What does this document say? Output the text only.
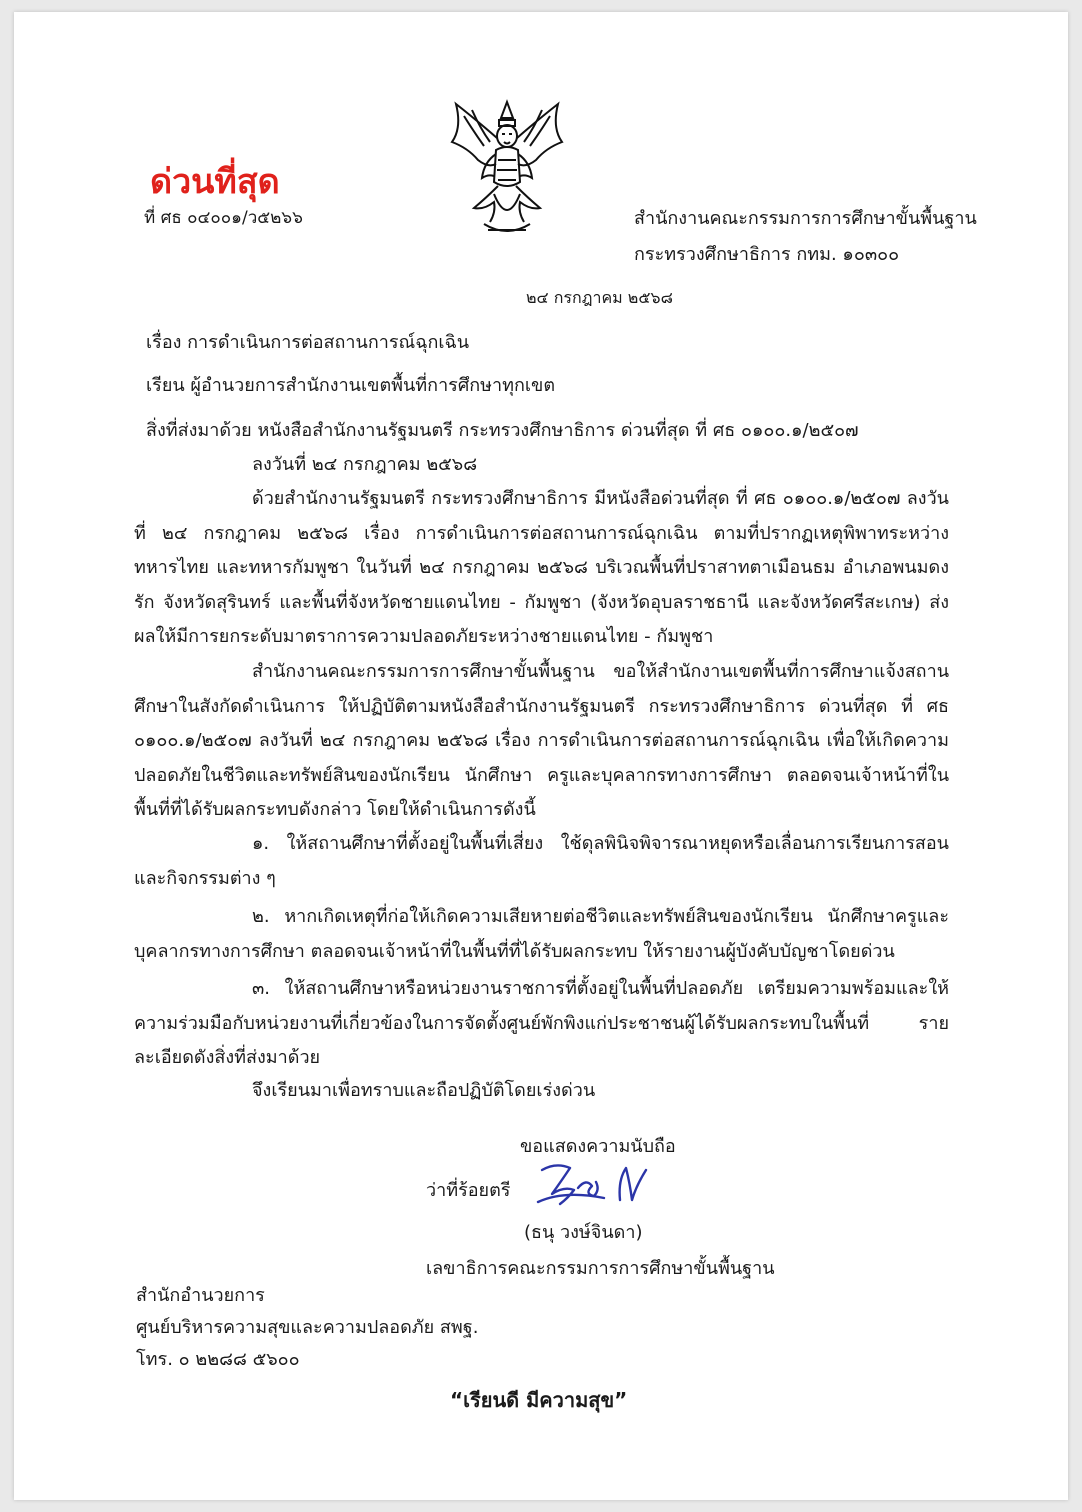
ด่วนที่สุด
ที่ ศธ ๐๔๐๐๑/ว๕๒๖๖	สำนักงานคณะกรรมการการศึกษาขั้นพื้นฐาน
กระทรวงศึกษาธิการ กทม. ๑๐๓๐๐
๒๔ กรกฎาคม ๒๕๖๘
เรื่อง การดำเนินการต่อสถานการณ์ฉุกเฉิน
เรียน ผู้อำนวยการสำนักงานเขตพื้นที่การศึกษาทุกเขต
สิ่งที่ส่งมาด้วย หนังสือสำนักงานรัฐมนตรี กระทรวงศึกษาธิการ ด่วนที่สุด ที่ ศธ ๐๑๐๐.๑/๒๕๐๗
ลงวันที่ ๒๔ กรกฎาคม ๒๕๖๘
ด้วยสำนักงานรัฐมนตรี กระทรวงศึกษาธิการ มีหนังสือด่วนที่สุด ที่ ศธ ๐๑๐๐.๑/๒๕๐๗ ลงวันที่ ๒๔ กรกฎาคม ๒๕๖๘ เรื่อง การดำเนินการต่อสถานการณ์ฉุกเฉิน ตามที่ปรากฏเหตุพิพาทระหว่างทหารไทย และทหารกัมพูชา ในวันที่ ๒๔ กรกฎาคม ๒๕๖๘ บริเวณพื้นที่ปราสาทตาเมือนธม อำเภอพนมดงรัก จังหวัดสุรินทร์ และพื้นที่จังหวัดชายแดนไทย - กัมพูชา (จังหวัดอุบลราชธานี และจังหวัดศรีสะเกษ) ส่งผลให้มีการยกระดับมาตราการความปลอดภัยระหว่างชายแดนไทย - กัมพูชา
สำนักงานคณะกรรมการการศึกษาขั้นพื้นฐาน ขอให้สำนักงานเขตพื้นที่การศึกษาแจ้งสถานศึกษาในสังกัดดำเนินการ ให้ปฏิบัติตามหนังสือสำนักงานรัฐมนตรี กระทรวงศึกษาธิการ ด่วนที่สุด ที่ ศธ ๐๑๐๐.๑/๒๕๐๗ ลงวันที่ ๒๔ กรกฎาคม ๒๕๖๘ เรื่อง การดำเนินการต่อสถานการณ์ฉุกเฉิน เพื่อให้เกิดความปลอดภัยในชีวิตและทรัพย์สินของนักเรียน นักศึกษา ครูและบุคลากรทางการศึกษา ตลอดจนเจ้าหน้าที่ในพื้นที่ที่ได้รับผลกระทบดังกล่าว โดยให้ดำเนินการดังนี้
๑. ให้สถานศึกษาที่ตั้งอยู่ในพื้นที่เสี่ยง ใช้ดุลพินิจพิจารณาหยุดหรือเลื่อนการเรียนการสอนและกิจกรรมต่าง ๆ
๒. หากเกิดเหตุที่ก่อให้เกิดความเสียหายต่อชีวิตและทรัพย์สินของนักเรียน นักศึกษาครูและบุคลากรทางการศึกษา ตลอดจนเจ้าหน้าที่ในพื้นที่ที่ได้รับผลกระทบ ให้รายงานผู้บังคับบัญชาโดยด่วน
๓. ให้สถานศึกษาหรือหน่วยงานราชการที่ตั้งอยู่ในพื้นที่ปลอดภัย เตรียมความพร้อมและให้ความร่วมมือกับหน่วยงานที่เกี่ยวข้องในการจัดตั้งศูนย์พักพิงแก่ประชาชนผู้ได้รับผลกระทบในพื้นที่ รายละเอียดดังสิ่งที่ส่งมาด้วย
จึงเรียนมาเพื่อทราบและถือปฏิบัติโดยเร่งด่วน
ขอแสดงความนับถือ
ว่าที่ร้อยตรี
(ธนุ วงษ์จินดา)
เลขาธิการคณะกรรมการการศึกษาขั้นพื้นฐาน
สำนักอำนวยการ
ศูนย์บริหารความสุขและความปลอดภัย สพฐ.
โทร. ๐ ๒๒๘๘ ๕๖๐๐
“เรียนดี มีความสุข”
